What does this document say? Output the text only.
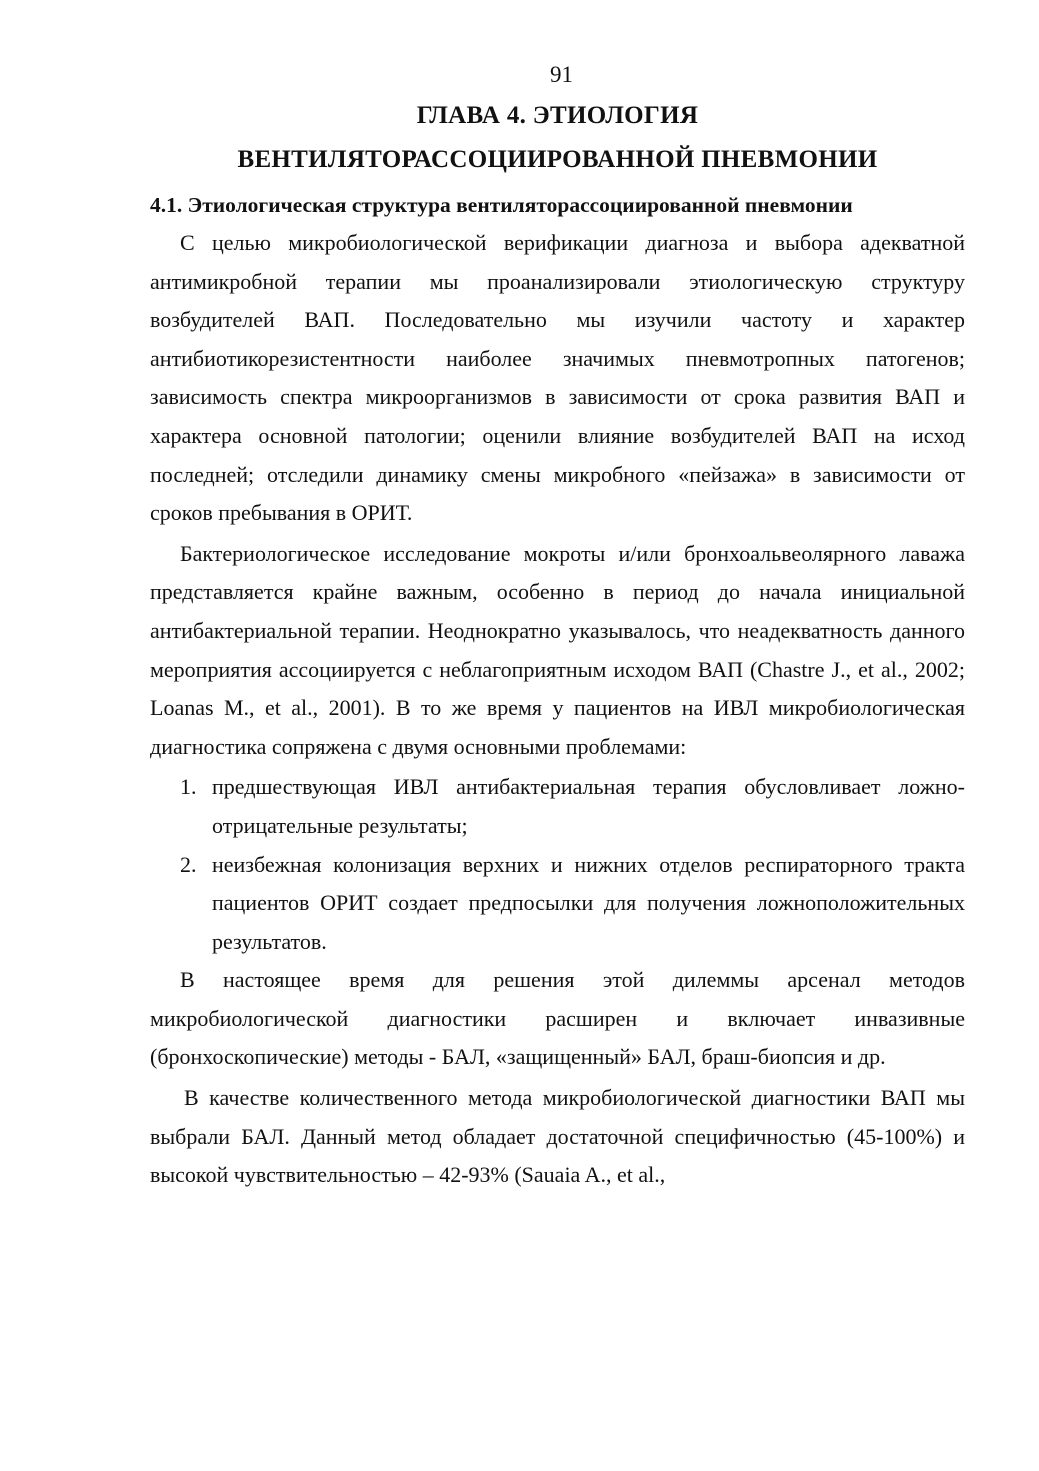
91
ГЛАВА 4. ЭТИОЛОГИЯ
ВЕНТИЛЯТОРАССОЦИИРОВАННОЙ ПНЕВМОНИИ
4.1. Этиологическая структура вентиляторассоциированной пневмонии

С целью микробиологической верификации диагноза и выбора адекватной антимикробной терапии мы проанализировали этиологическую структуру возбудителей ВАП. Последовательно мы изучили частоту и характер антибиотикорезистентности наиболее значимых пневмотропных патогенов; зависимость спектра микроорганизмов в зависимости от срока развития ВАП и характера основной патологии; оценили влияние возбудителей ВАП на исход последней; отследили динамику смены микробного «пейзажа» в зависимости от сроков пребывания в ОРИТ.

Бактериологическое исследование мокроты и/или бронхоальвеолярного лаважа представляется крайне важным, особенно в период до начала инициальной антибактериальной терапии. Неоднократно указывалось, что неадекватность данного мероприятия ассоциируется с неблагоприятным исходом ВАП (Chastre J., et al., 2002; Loanas M., et al., 2001). В то же время у пациентов на ИВЛ микробиологическая диагностика сопряжена с двумя основными проблемами:

1. предшествующая ИВЛ антибактериальная терапия обусловливает ложно-отрицательные результаты;
2. неизбежная колонизация верхних и нижних отделов респираторного тракта пациентов ОРИТ создает предпосылки для получения ложноположительных результатов.

В настоящее время для решения этой дилеммы арсенал методов микробиологической диагностики расширен и включает инвазивные (бронхоскопические) методы - БАЛ, «защищенный» БАЛ, браш-биопсия и др.

В качестве количественного метода микробиологической диагностики ВАП мы выбрали БАЛ. Данный метод обладает достаточной специфичностью (45-100%) и высокой чувствительностью – 42-93% (Sauaia A., et al.,
